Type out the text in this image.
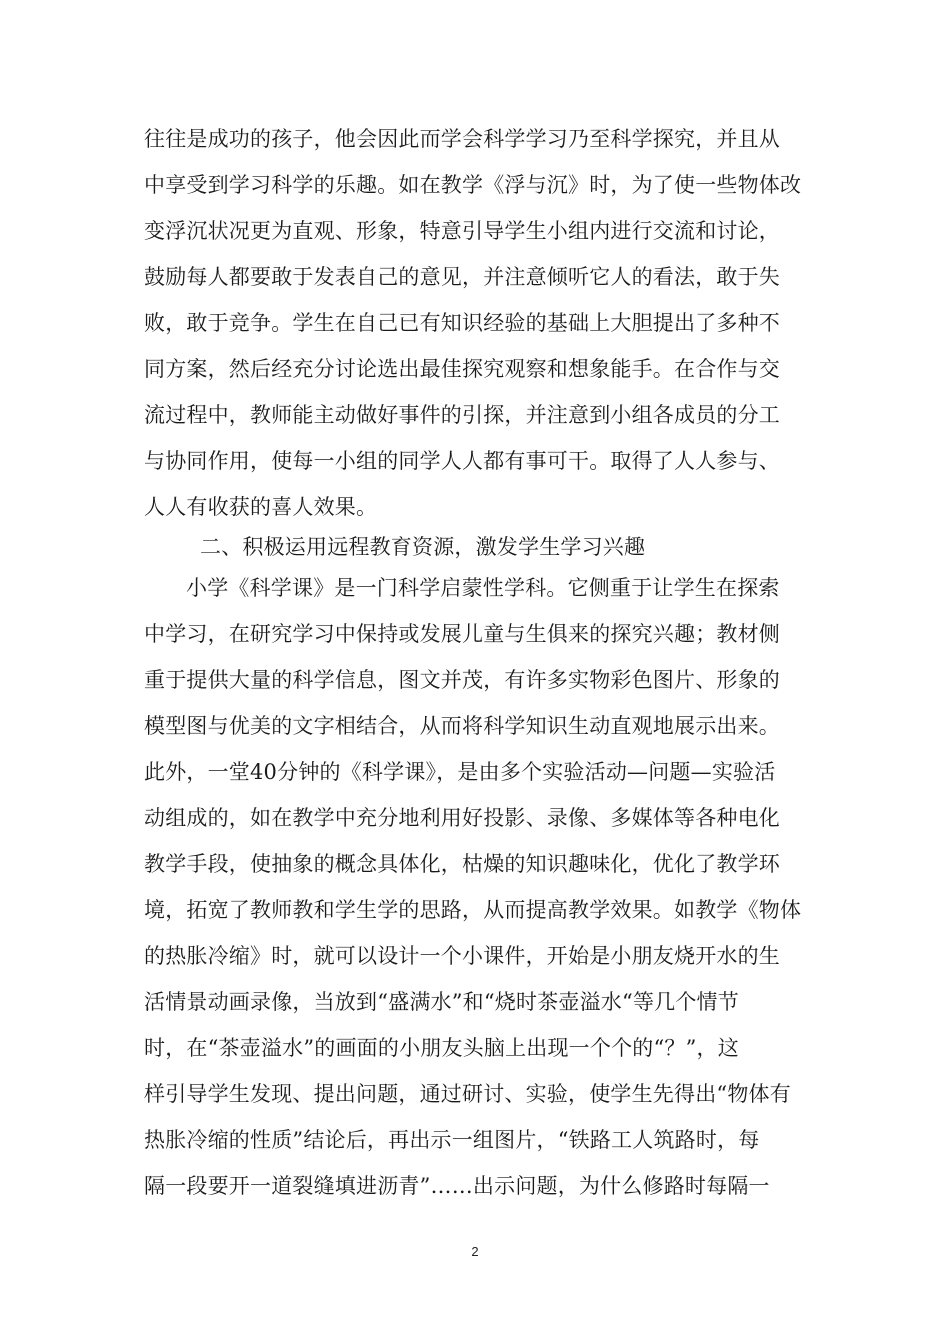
往往是成功的孩子，他会因此而学会科学学习乃至科学探究，并且从
中享受到学习科学的乐趣。如在教学《浮与沉》时，为了使一些物体改
变浮沉状况更为直观、形象，特意引导学生小组内进行交流和讨论，
鼓励每人都要敢于发表自己的意见，并注意倾听它人的看法，敢于失
败，敢于竞争。学生在自己已有知识经验的基础上大胆提出了多种不
同方案，然后经充分讨论选出最佳探究观察和想象能手。在合作与交
流过程中，教师能主动做好事件的引探，并注意到小组各成员的分工
与协同作用，使每一小组的同学人人都有事可干。取得了人人参与、
人人有收获的喜人效果。
二、积极运用远程教育资源，激发学生学习兴趣
小学《科学课》是一门科学启蒙性学科。它侧重于让学生在探索
中学习，在研究学习中保持或发展儿童与生俱来的探究兴趣；教材侧
重于提供大量的科学信息，图文并茂，有许多实物彩色图片、形象的
模型图与优美的文字相结合，从而将科学知识生动直观地展示出来。
此外，一堂40分钟的《科学课》，是由多个实验活动—问题—实验活
动组成的，如在教学中充分地利用好投影、录像、多媒体等各种电化
教学手段，使抽象的概念具体化，枯燥的知识趣味化，优化了教学环
境，拓宽了教师教和学生学的思路，从而提高教学效果。如教学《物体
的热胀冷缩》时，就可以设计一个小课件，开始是小朋友烧开水的生
活情景动画录像，当放到“盛满水”和“烧时茶壶溢水“等几个情节
时，在“茶壶溢水”的画面的小朋友头脑上出现一个个的“？”，这
样引导学生发现、提出问题，通过研讨、实验，使学生先得出“物体有
热胀冷缩的性质”结论后，再出示一组图片，“铁路工人筑路时，每
隔一段要开一道裂缝填进沥青”……出示问题，为什么修路时每隔一
2
